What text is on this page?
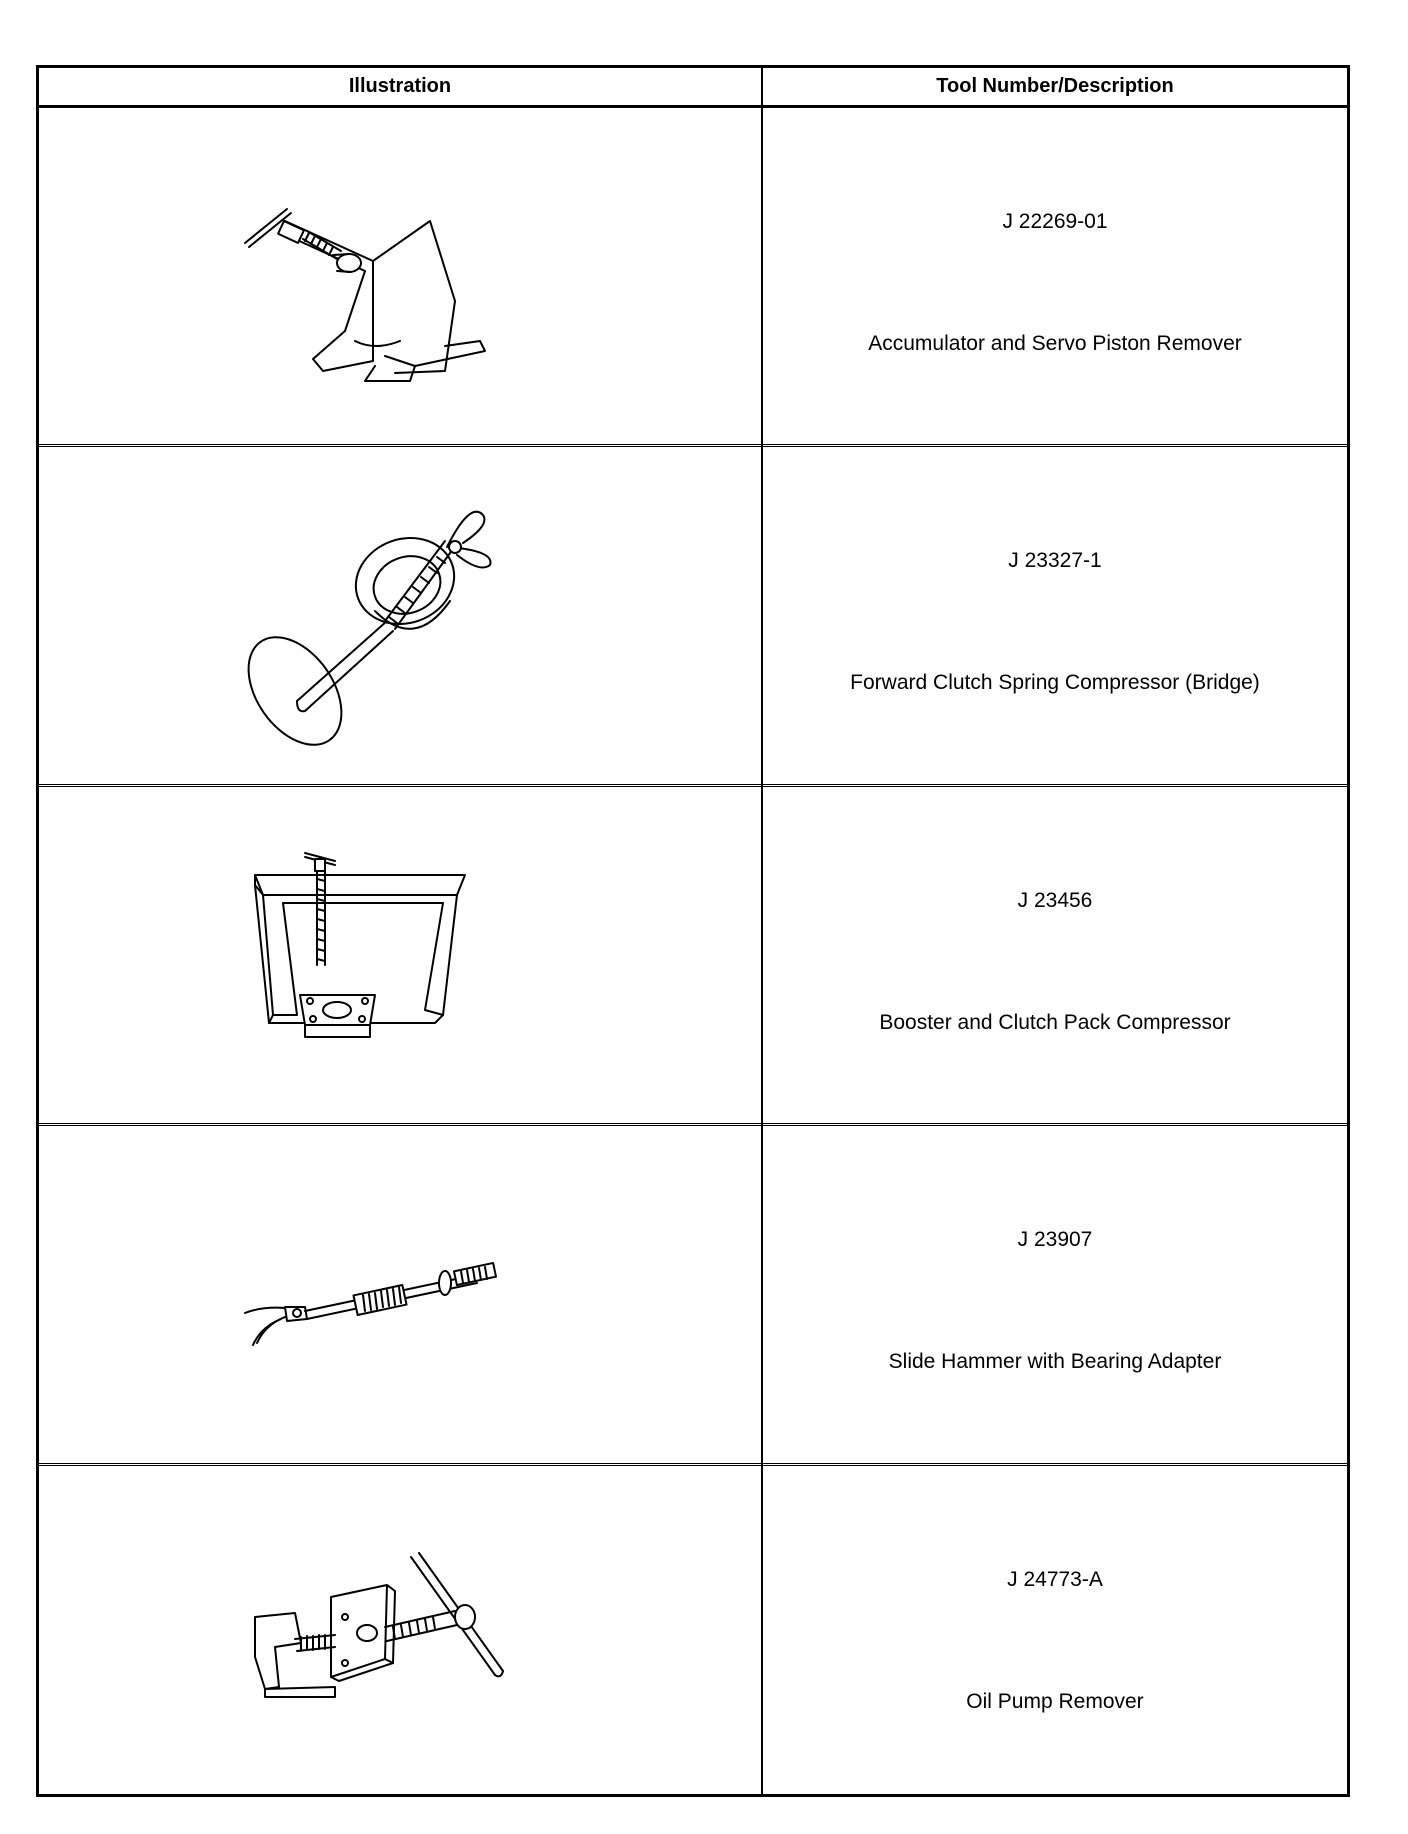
Illustration	Tool Number/Description
J 22269-01
Accumulator and Servo Piston Remover
J 23327-1
Forward Clutch Spring Compressor (Bridge)
J 23456
Booster and Clutch Pack Compressor
J 23907
Slide Hammer with Bearing Adapter
J 24773-A
Oil Pump Remover
